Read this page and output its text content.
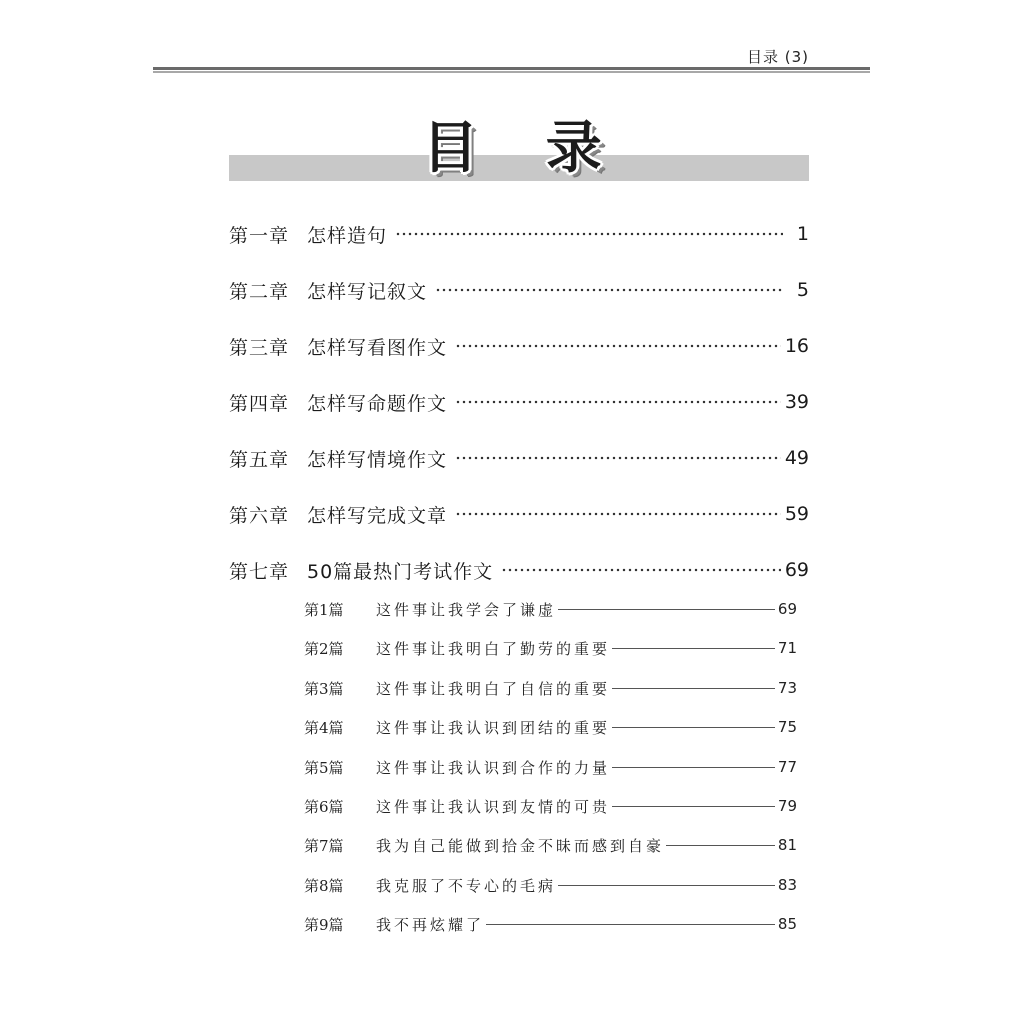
目录 (3)
目 录
第一章 怎样造句	1
第二章 怎样写记叙文	5
第三章 怎样写看图作文	16
第四章 怎样写命题作文	39
第五章 怎样写情境作文	49
第六章 怎样写完成文章	59
第七章 50篇最热门考试作文	69
第1篇	这件事让我学会了谦虚	69
第2篇	这件事让我明白了勤劳的重要	71
第3篇	这件事让我明白了自信的重要	73
第4篇	这件事让我认识到团结的重要	75
第5篇	这件事让我认识到合作的力量	77
第6篇	这件事让我认识到友情的可贵	79
第7篇	我为自己能做到拾金不昧而感到自豪	81
第8篇	我克服了不专心的毛病	83
第9篇	我不再炫耀了	85
